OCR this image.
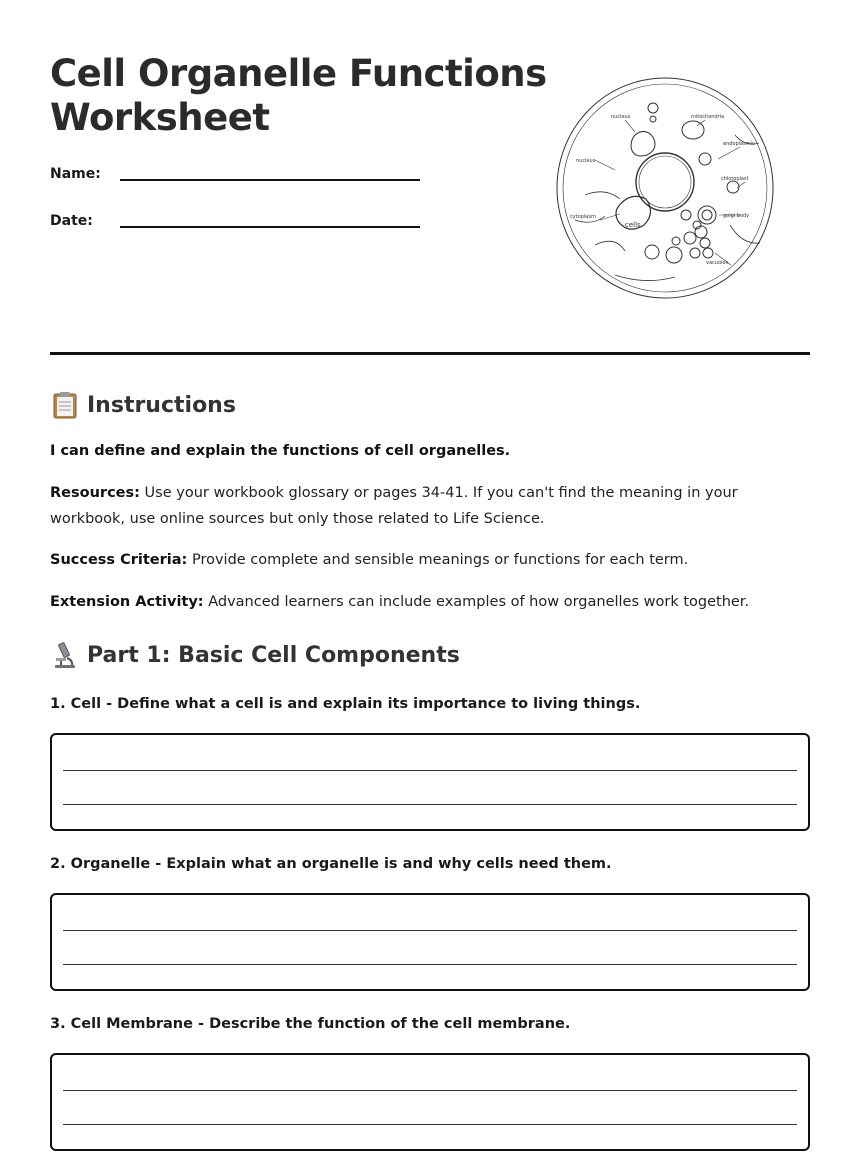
Cell Organelle Functions
Worksheet
Name:
Date:
nucleus	mitochondria
endoplasmic
nucleus
chloroplast
cytoplasm
vacuoles
cells
golgi body
Instructions

I can define and explain the functions of cell organelles.

Resources: Use your workbook glossary or pages 34-41. If you can't find the meaning in your workbook, use online sources but only those related to Life Science.

Success Criteria: Provide complete and sensible meanings or functions for each term.

Extension Activity: Advanced learners can include examples of how organelles work together.

Part 1: Basic Cell Components
1. Cell - Define what a cell is and explain its importance to living things.
2. Organelle - Explain what an organelle is and why cells need them.
3. Cell Membrane - Describe the function of the cell membrane.
